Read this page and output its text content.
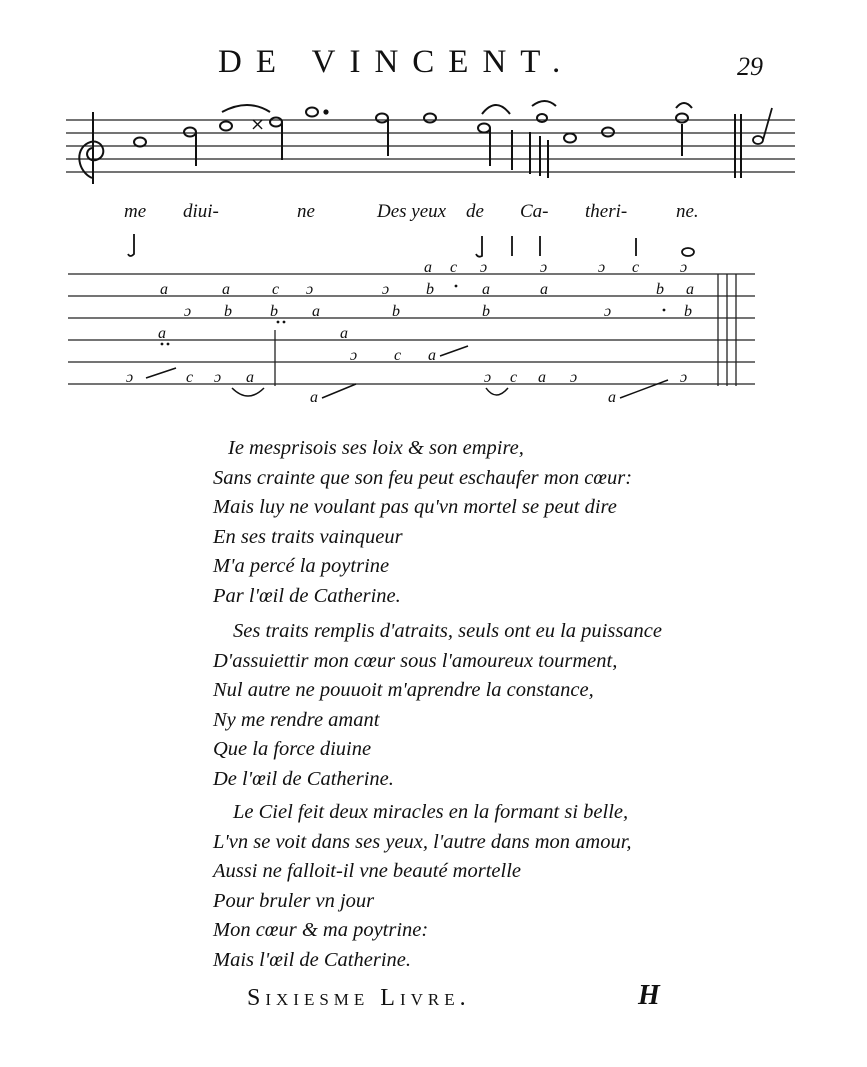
DE VINCENT.	29
×
a c ɔ	ɔ	ɔ c	ɔ
a	a	c ɔ	ɔ b	a	a	b a
ɔ b b a	b	b	ɔ	b
a	a
ɔ c a
ɔ	c ɔ a	ɔ c a ɔ	ɔ
a	a
me diui-	ne	Des yeux de Ca- theri-	ne.
Ie mesprisois ses loix & son empire,
Sans crainte que son feu peut eschaufer mon cœur:
Mais luy ne voulant pas qu'vn mortel se peut dire
En ses traits vainqueur
M'a percé la poytrine
Par l'œil de Catherine.
Ses traits remplis d'atraits, seuls ont eu la puissance
D'assuiettir mon cœur sous l'amoureux tourment,
Nul autre ne pouuoit m'aprendre la constance,
Ny me rendre amant
Que la force diuine
De l'œil de Catherine.
Le Ciel feit deux miracles en la formant si belle,
L'vn se voit dans ses yeux, l'autre dans mon amour,
Aussi ne falloit-il vne beauté mortelle
Pour bruler vn jour
Mon cœur & ma poytrine:
Mais l'œil de Catherine.
Sixiesme Livre.	H
